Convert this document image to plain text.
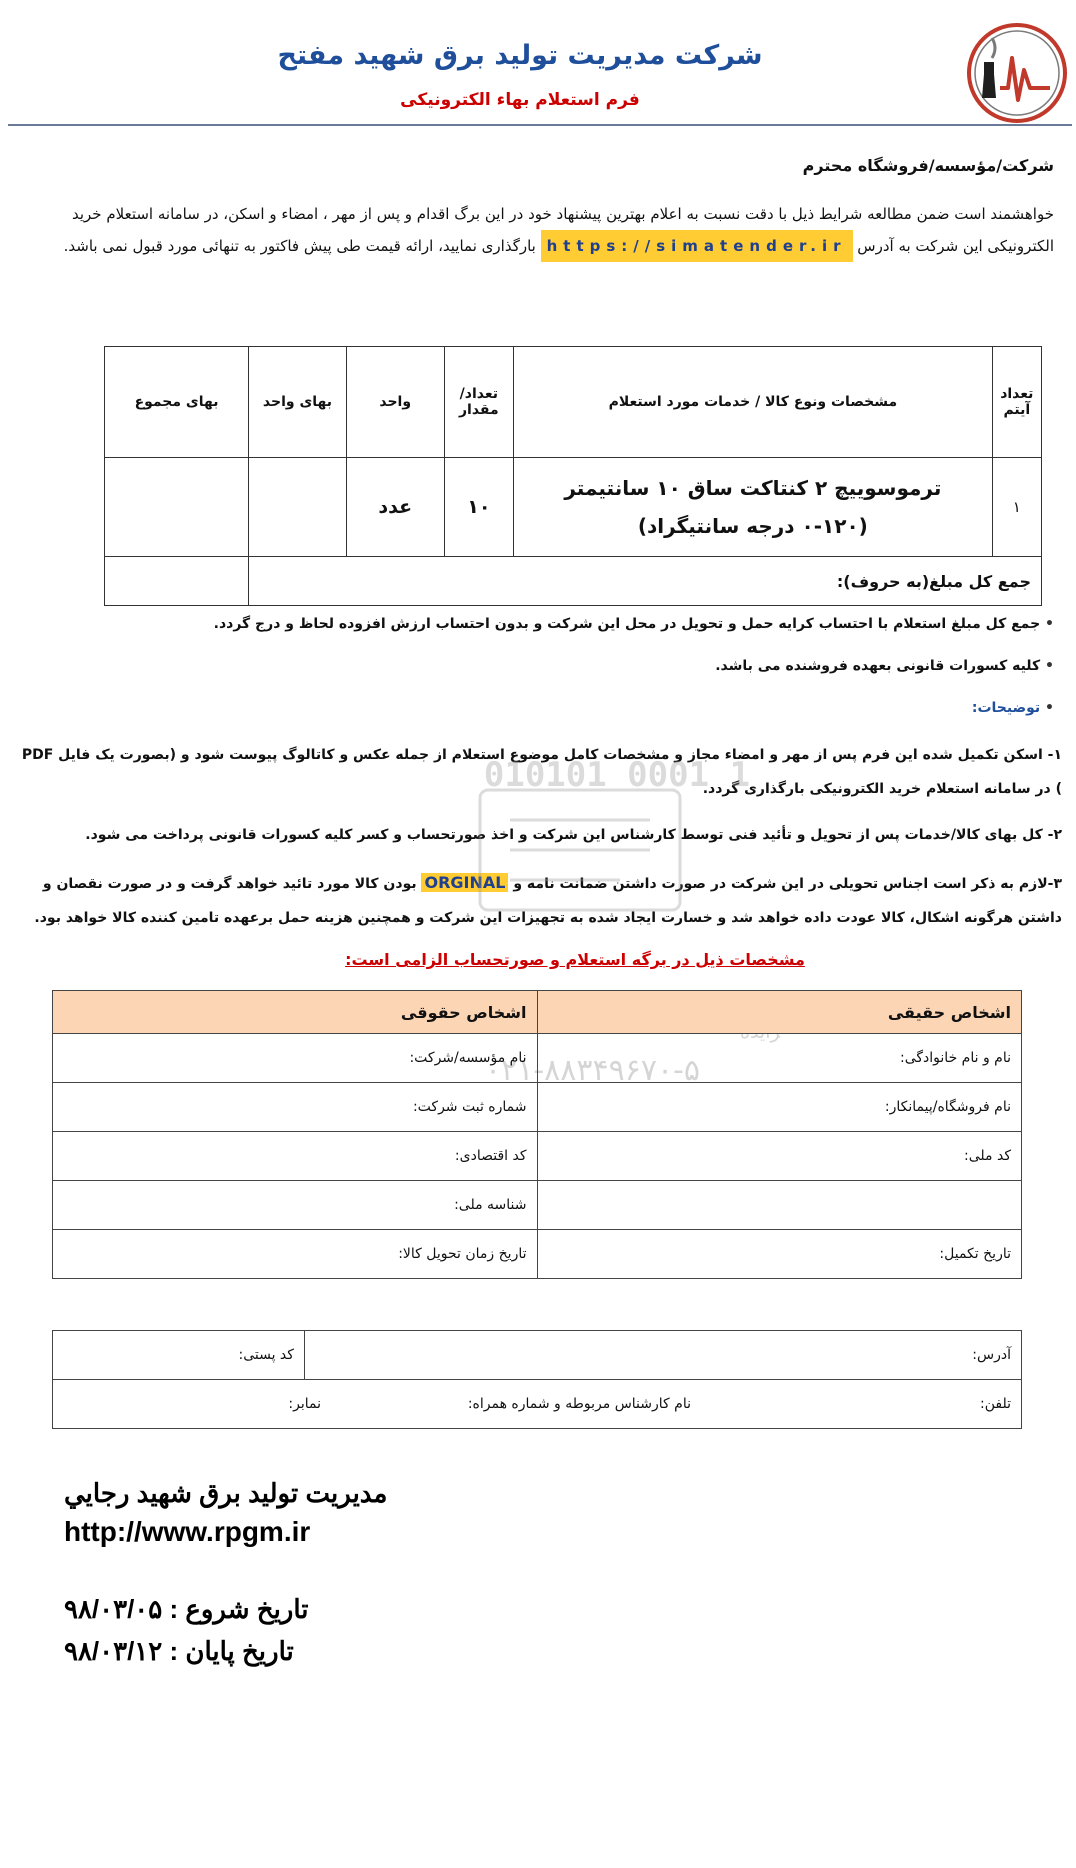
شرکت مدیریت تولید برق شهید مفتح
فرم استعلام بهاء الکترونیکی
شرکت/مؤسسه/فروشگاه محترم
خواهشمند است ضمن مطالعه شرایط ذیل با دقت نسبت به اعلام بهترین پیشنهاد خود در این برگ اقدام و پس از مهر ، امضاء و اسکن، در سامانه استعلام خرید الکترونیکی این شرکت به آدرس https://simatender.ir بارگذاری نمایید، ارائه قیمت طی پیش فاکتور به تنهائی مورد قبول نمی باشد.
تعداد آیتم	مشخصات ونوع کالا / خدمات مورد استعلام	تعداد/ مقدار	واحد	بهای واحد	بهای مجموع
۱	ترموسوییچ ۲ کنتاکت ساق ۱۰ سانتیمتر (۱۲۰-۰ درجه سانتیگراد)	۱۰	عدد		
جمع کل مبلغ(به حروف):					
• جمع کل مبلغ استعلام با احتساب کرایه حمل و تحویل در محل این شرکت و بدون احتساب ارزش افزوده لحاظ و درج گردد.
• کلیه کسورات قانونی بعهده فروشنده می باشد.
• توضیحات:
۱- اسکن تکمیل شده این فرم پس از مهر و امضاء مجاز و مشخصات کامل موضوع استعلام از جمله عکس و کاتالوگ پیوست شود و (بصورت یک فایل PDF ) در سامانه استعلام خرید الکترونیکی بارگذاری گردد.
۲- کل بهای کالا/خدمات پس از تحویل و تأئید فنی توسط کارشناس این شرکت و اخذ صورتحساب و کسر کلیه کسورات قانونی پرداخت می شود.
۳-لازم به ذکر است اجناس تحویلی در این شرکت در صورت داشتن ضمانت نامه و ORGINAL بودن کالا مورد تائید خواهد گرفت و در صورت نقصان و داشتن هرگونه اشکال، کالا عودت داده خواهد شد و خسارت ایجاد شده به تجهیزات این شرکت و همچنین هزینه حمل برعهده تامین کننده کالا خواهد بود.
010101 0001 1
۰۲۱-۸۸۳۴۹۶۷۰-۵
مشخصات ذیل در برگه استعلام و صورتحساب الزامی است:
اشخاص حقیقی	اشخاص حقوقی
نام و نام خانوادگی:	نام مؤسسه/شرکت:
نام فروشگاه/پیمانکار:	شماره ثبت شرکت:
کد ملی:	کد اقتصادی:
	شناسه ملی:
تاریخ تکمیل:	تاریخ زمان تحویل کالا:
آدرس:	کد پستی:
تلفن:نام کارشناس مربوطه و شماره همراه:نمابر:
مدیریت تولید برق شهید رجايي
http://www.rpgm.ir
تاریخ شروع : ۹۸/۰۳/۰۵
تاریخ پایان : ۹۸/۰۳/۱۲
